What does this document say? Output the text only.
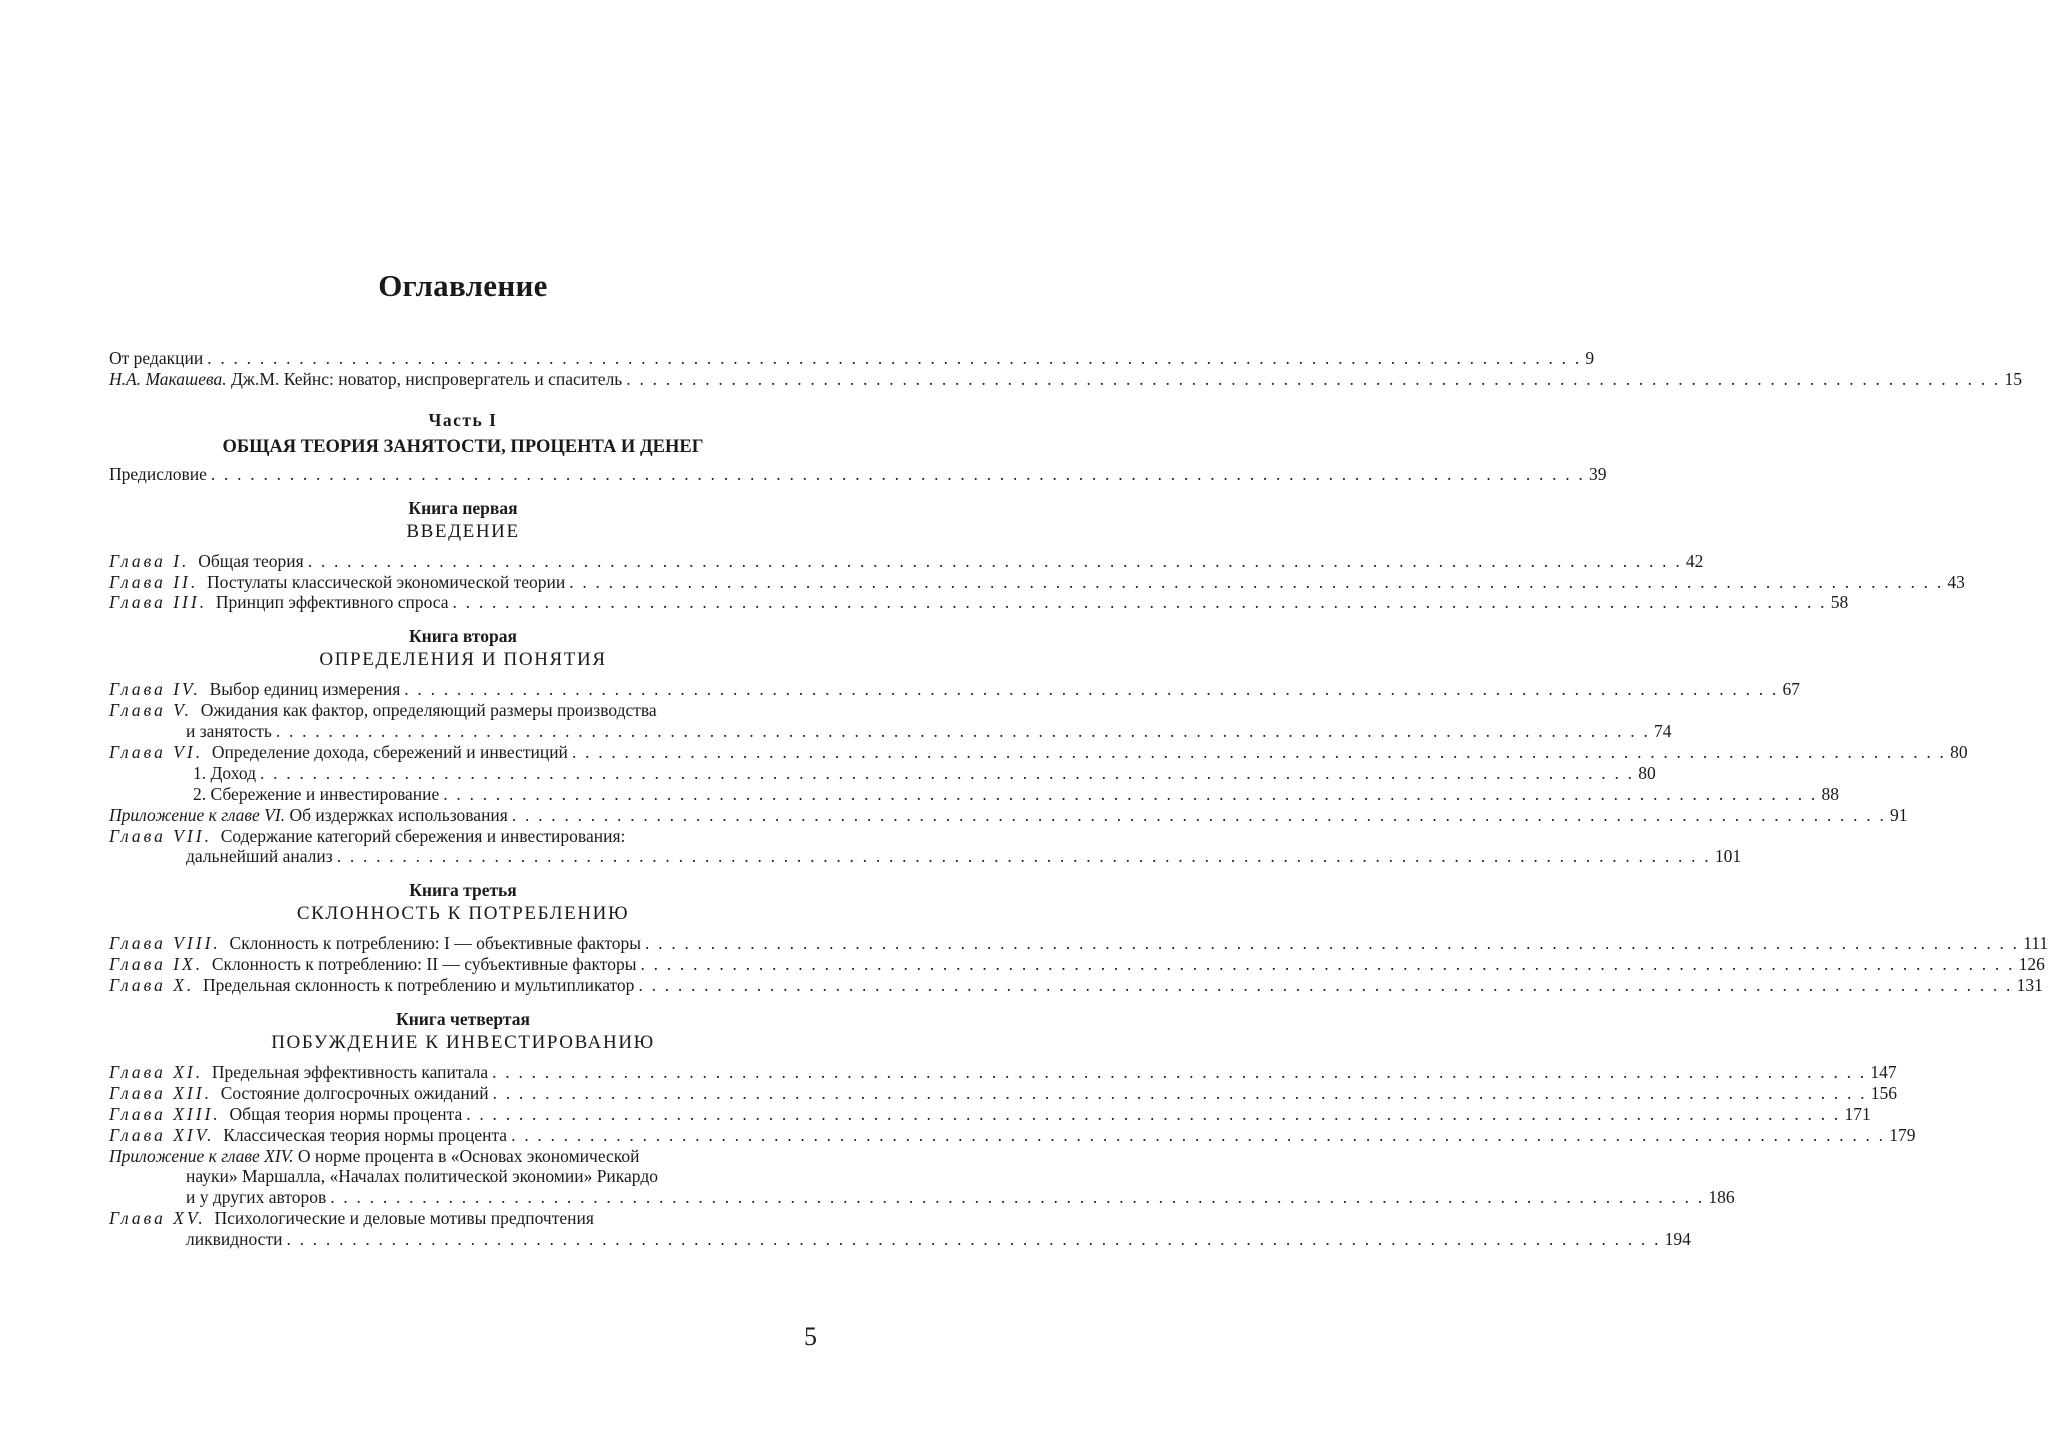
Оглавление
От редакции . . .	9
Н.А. Макашева. Дж.М. Кейнс: новатор, ниспровергатель и спаситель . . .	15
Часть I
ОБЩАЯ ТЕОРИЯ ЗАНЯТОСТИ, ПРОЦЕНТА И ДЕНЕГ
Предисловие . . .	39
Книга первая
ВВЕДЕНИЕ
Глава I. Общая теория . . .	42
Глава II. Постулаты классической экономической теории . . .	43
Глава III. Принцип эффективного спроса . . .	58
Книга вторая
ОПРЕДЕЛЕНИЯ И ПОНЯТИЯ
Глава IV. Выбор единиц измерения . . .	67
Глава V. Ожидания как фактор, определяющий размеры производства
и занятость . . .	74
Глава VI. Определение дохода, сбережений и инвестиций . . .	80
1. Доход . . .	80
2. Сбережение и инвестирование . . .	88
Приложение к главе VI. Об издержках использования . . .	91
Глава VII. Содержание категорий сбережения и инвестирования:
дальнейший анализ . . .	101
Книга третья
СКЛОННОСТЬ К ПОТРЕБЛЕНИЮ
Глава VIII. Склонность к потреблению: I — объективные факторы . . .	111
Глава IX. Склонность к потреблению: II — субъективные факторы . . .	126
Глава X. Предельная склонность к потреблению и мультипликатор . . .	131
Книга четвертая
ПОБУЖДЕНИЕ К ИНВЕСТИРОВАНИЮ
Глава XI. Предельная эффективность капитала . . .	147
Глава XII. Состояние долгосрочных ожиданий . . .	156
Глава XIII. Общая теория нормы процента . . .	171
Глава XIV. Классическая теория нормы процента . . .	179
Приложение к главе XIV. О норме процента в «Основах экономической
науки» Маршалла, «Началах политической экономии» Рикардо
и у других авторов . . .	186
Глава XV. Психологические и деловые мотивы предпочтения
ликвидности . . .	194
5
